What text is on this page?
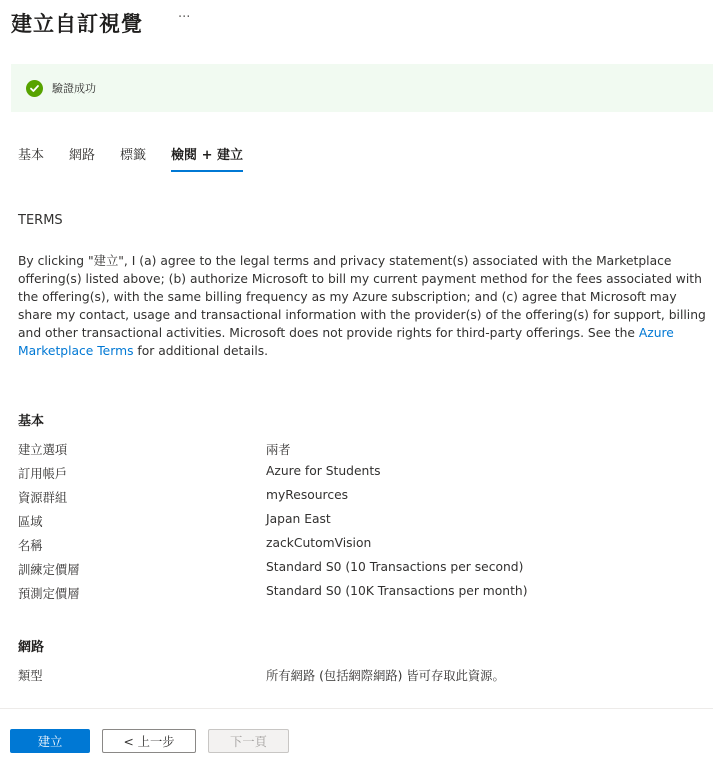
建立自訂視覺	···
驗證成功
基本 網路 標籤 檢閱 + 建立
TERMS
By clicking "建立", I (a) agree to the legal terms and privacy statement(s) associated with the Marketplace offering(s) listed above; (b) authorize Microsoft to bill my current payment method for the fees associated with the offering(s), with the same billing frequency as my Azure subscription; and (c) agree that Microsoft may share my contact, usage and transactional information with the provider(s) of the offering(s) for support, billing and other transactional activities. Microsoft does not provide rights for third-party offerings. See the Azure Marketplace Terms for additional details.
基本
建立選項	兩者
訂用帳戶	Azure for Students
資源群組	myResources
區域	Japan East
名稱	zackCutomVision
訓練定價層	Standard S0 (10 Transactions per second)
預測定價層	Standard S0 (10K Transactions per month)
網路
類型	所有網路 (包括網際網路) 皆可存取此資源。
建立	< 上一步	下一頁
